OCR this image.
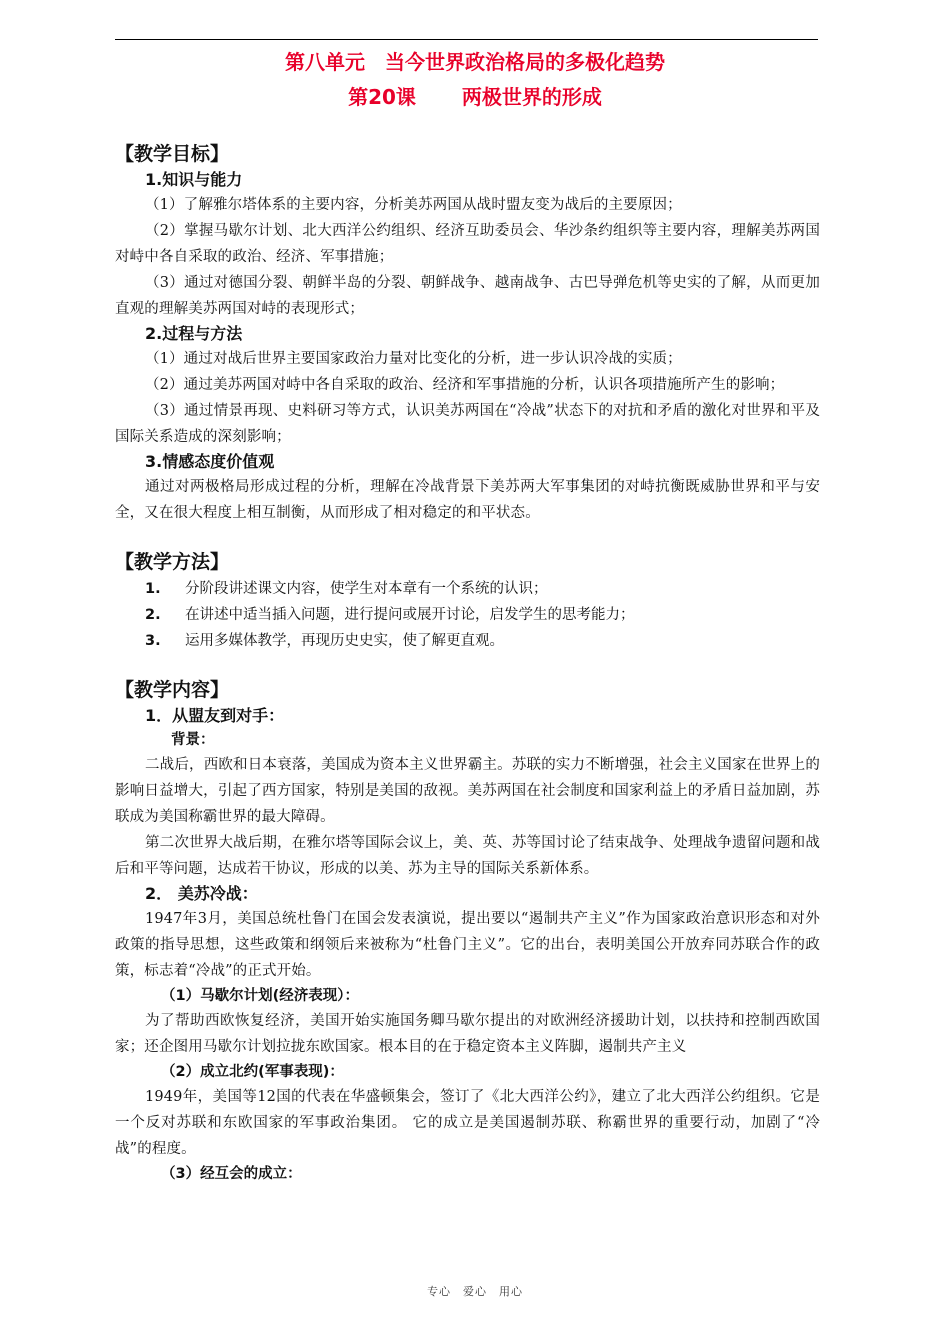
第八单元　当今世界政治格局的多极化趋势
第20课 两极世界的形成
【教学目标】
1.知识与能力

（1）了解雅尔塔体系的主要内容，分析美苏两国从战时盟友变为战后的主要原因；

（2）掌握马歇尔计划、北大西洋公约组织、经济互助委员会、华沙条约组织等主要内容，理解美苏两国对峙中各自采取的政治、经济、军事措施；

（3）通过对德国分裂、朝鲜半岛的分裂、朝鲜战争、越南战争、古巴导弹危机等史实的了解，从而更加直观的理解美苏两国对峙的表现形式；

2.过程与方法

（1）通过对战后世界主要国家政治力量对比变化的分析，进一步认识冷战的实质；

（2）通过美苏两国对峙中各自采取的政治、经济和军事措施的分析，认识各项措施所产生的影响；

（3）通过情景再现、史料研习等方式，认识美苏两国在“冷战”状态下的对抗和矛盾的激化对世界和平及国际关系造成的深刻影响；

3.情感态度价值观

通过对两极格局形成过程的分析，理解在冷战背景下美苏两大军事集团的对峙抗衡既威胁世界和平与安全，又在很大程度上相互制衡，从而形成了相对稳定的和平状态。

【教学方法】
1.	分阶段讲述课文内容，使学生对本章有一个系统的认识；
2.	在讲述中适当插入问题，进行提问或展开讨论，启发学生的思考能力；
3.	运用多媒体教学，再现历史史实，使了解更直观。
【教学内容】
1．从盟友到对手：
背景：

二战后，西欧和日本衰落，美国成为资本主义世界霸主。苏联的实力不断增强，社会主义国家在世界上的影响日益增大，引起了西方国家，特别是美国的敌视。美苏两国在社会制度和国家利益上的矛盾日益加剧，苏联成为美国称霸世界的最大障碍。

第二次世界大战后期，在雅尔塔等国际会议上，美、英、苏等国讨论了结束战争、处理战争遗留问题和战后和平等问题，达成若干协议，形成的以美、苏为主导的国际关系新体系。

2． 美苏冷战：

1947年3月，美国总统杜鲁门在国会发表演说，提出要以“遏制共产主义”作为国家政治意识形态和对外政策的指导思想，这些政策和纲领后来被称为“杜鲁门主义”。它的出台，表明美国公开放弃同苏联合作的政策，标志着“冷战”的正式开始。

（1）马歇尔计划(经济表现）：

为了帮助西欧恢复经济，美国开始实施国务卿马歇尔提出的对欧洲经济援助计划，以扶持和控制西欧国家；还企图用马歇尔计划拉拢东欧国家。根本目的在于稳定资本主义阵脚，遏制共产主义

（2）成立北约(军事表现)：

1949年，美国等12国的代表在华盛顿集会，签订了《北大西洋公约》，建立了北大西洋公约组织。它是一个反对苏联和东欧国家的军事政治集团。 它的成立是美国遏制苏联、称霸世界的重要行动，加剧了“冷战”的程度。

（3）经互会的成立：
专心　爱心　用心
